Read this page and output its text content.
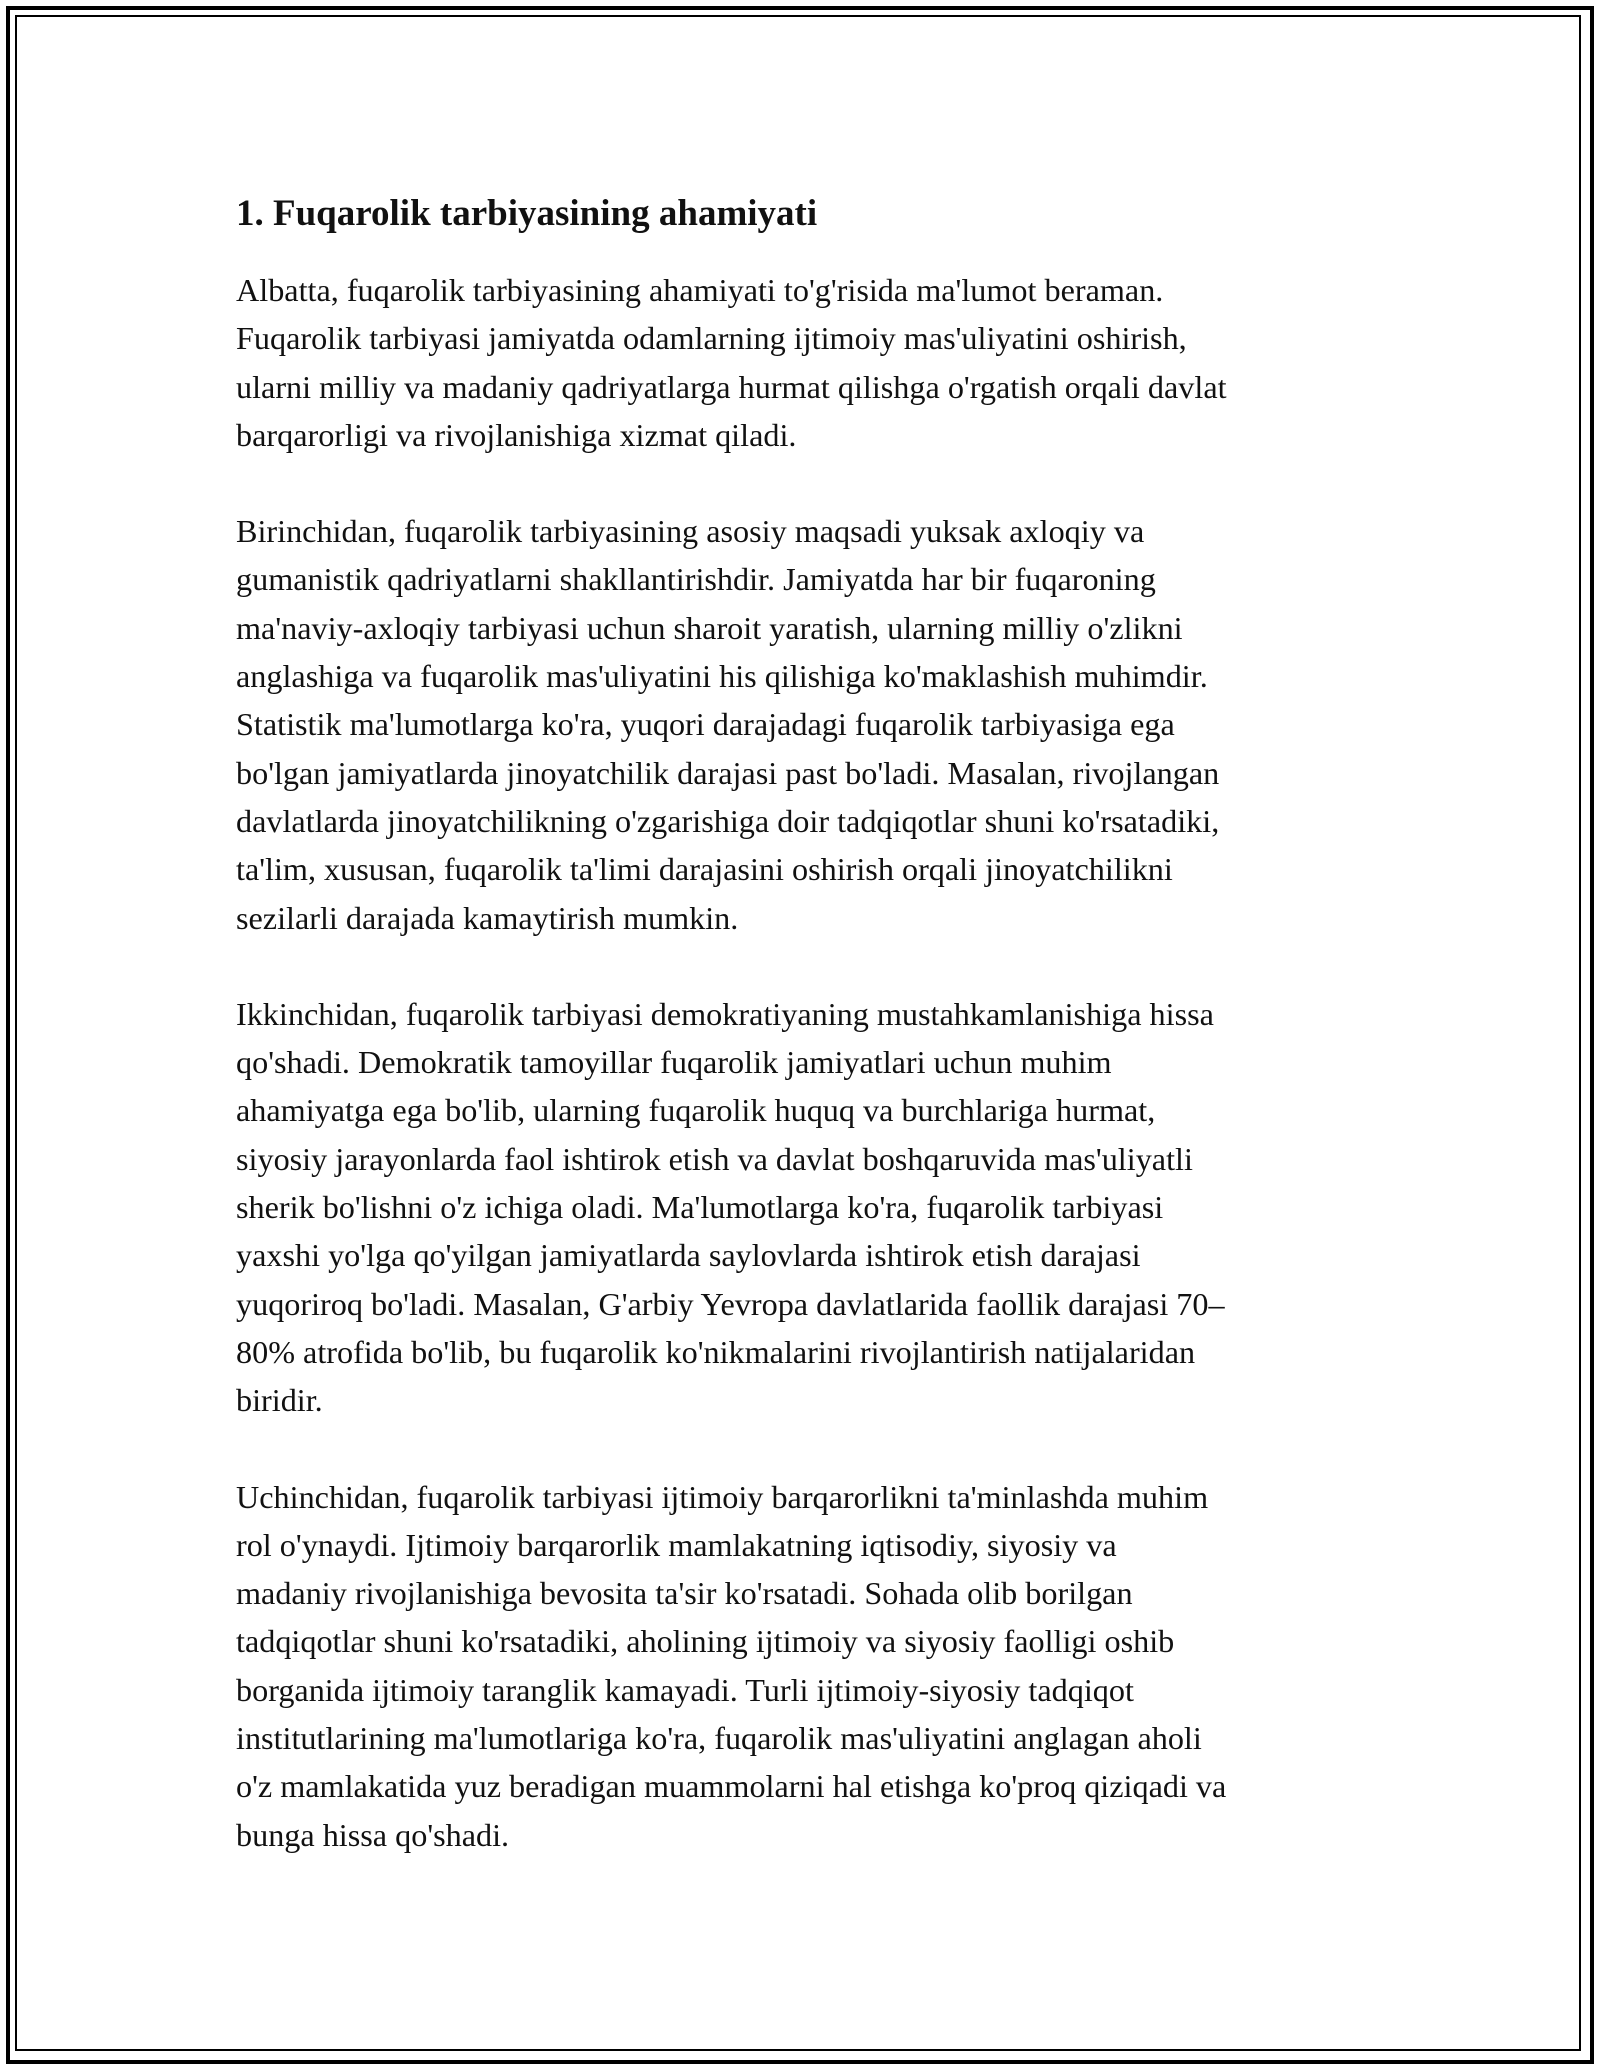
1. Fuqarolik tarbiyasining ahamiyati

Albatta, fuqarolik tarbiyasining ahamiyati to'g'risida ma'lumot beraman.
Fuqarolik tarbiyasi jamiyatda odamlarning ijtimoiy mas'uliyatini oshirish,
ularni milliy va madaniy qadriyatlarga hurmat qilishga o'rgatish orqali davlat
barqarorligi va rivojlanishiga xizmat qiladi.

Birinchidan, fuqarolik tarbiyasining asosiy maqsadi yuksak axloqiy va
gumanistik qadriyatlarni shakllantirishdir. Jamiyatda har bir fuqaroning
ma'naviy-axloqiy tarbiyasi uchun sharoit yaratish, ularning milliy o'zlikni
anglashiga va fuqarolik mas'uliyatini his qilishiga ko'maklashish muhimdir.
Statistik ma'lumotlarga ko'ra, yuqori darajadagi fuqarolik tarbiyasiga ega
bo'lgan jamiyatlarda jinoyatchilik darajasi past bo'ladi. Masalan, rivojlangan
davlatlarda jinoyatchilikning o'zgarishiga doir tadqiqotlar shuni ko'rsatadiki,
ta'lim, xususan, fuqarolik ta'limi darajasini oshirish orqali jinoyatchilikni
sezilarli darajada kamaytirish mumkin.

Ikkinchidan, fuqarolik tarbiyasi demokratiyaning mustahkamlanishiga hissa
qo'shadi. Demokratik tamoyillar fuqarolik jamiyatlari uchun muhim
ahamiyatga ega bo'lib, ularning fuqarolik huquq va burchlariga hurmat,
siyosiy jarayonlarda faol ishtirok etish va davlat boshqaruvida mas'uliyatli
sherik bo'lishni o'z ichiga oladi. Ma'lumotlarga ko'ra, fuqarolik tarbiyasi
yaxshi yo'lga qo'yilgan jamiyatlarda saylovlarda ishtirok etish darajasi
yuqoriroq bo'ladi. Masalan, G'arbiy Yevropa davlatlarida faollik darajasi 70–
80% atrofida bo'lib, bu fuqarolik ko'nikmalarini rivojlantirish natijalaridan
biridir.

Uchinchidan, fuqarolik tarbiyasi ijtimoiy barqarorlikni ta'minlashda muhim
rol o'ynaydi. Ijtimoiy barqarorlik mamlakatning iqtisodiy, siyosiy va
madaniy rivojlanishiga bevosita ta'sir ko'rsatadi. Sohada olib borilgan
tadqiqotlar shuni ko'rsatadiki, aholining ijtimoiy va siyosiy faolligi oshib
borganida ijtimoiy taranglik kamayadi. Turli ijtimoiy-siyosiy tadqiqot
institutlarining ma'lumotlariga ko'ra, fuqarolik mas'uliyatini anglagan aholi
o'z mamlakatida yuz beradigan muammolarni hal etishga ko'proq qiziqadi va
bunga hissa qo'shadi.
